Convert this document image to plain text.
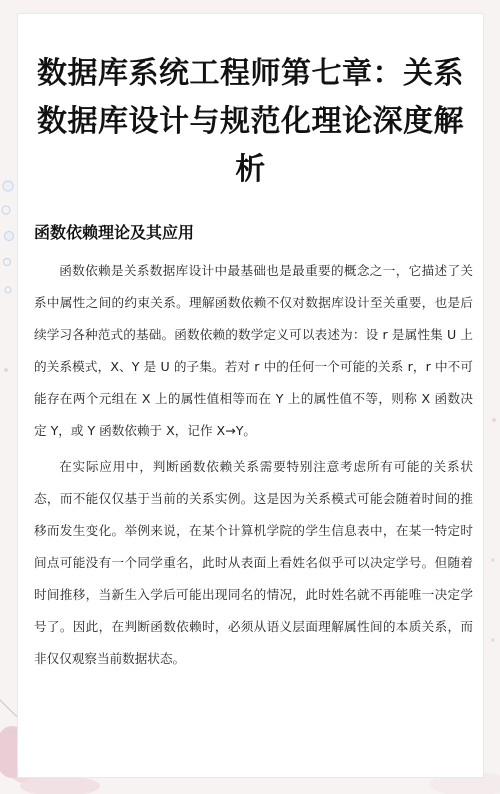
数据库系统工程师第七章：关系数据库设计与规范化理论深度解析
函数依赖理论及其应用

函数依赖是关系数据库设计中最基础也是最重要的概念之一，它描述了关系中属性之间的约束关系。理解函数依赖不仅对数据库设计至关重要，也是后续学习各种范式的基础。函数依赖的数学定义可以表述为：设 r 是属性集 U 上的关系模式，X、Y 是 U 的子集。若对 r 中的任何一个可能的关系 r，r 中不可能存在两个元组在 X 上的属性值相等而在 Y 上的属性值不等，则称 X 函数决定 Y，或 Y 函数依赖于 X，记作 X→Y。

在实际应用中，判断函数依赖关系需要特别注意考虑所有可能的关系状态，而不能仅仅基于当前的关系实例。这是因为关系模式可能会随着时间的推移而发生变化。举例来说，在某个计算机学院的学生信息表中，在某一特定时间点可能没有一个同学重名，此时从表面上看姓名似乎可以决定学号。但随着时间推移，当新生入学后可能出现同名的情况，此时姓名就不再能唯一决定学号了。因此，在判断函数依赖时，必须从语义层面理解属性间的本质关系，而非仅仅观察当前数据状态。
